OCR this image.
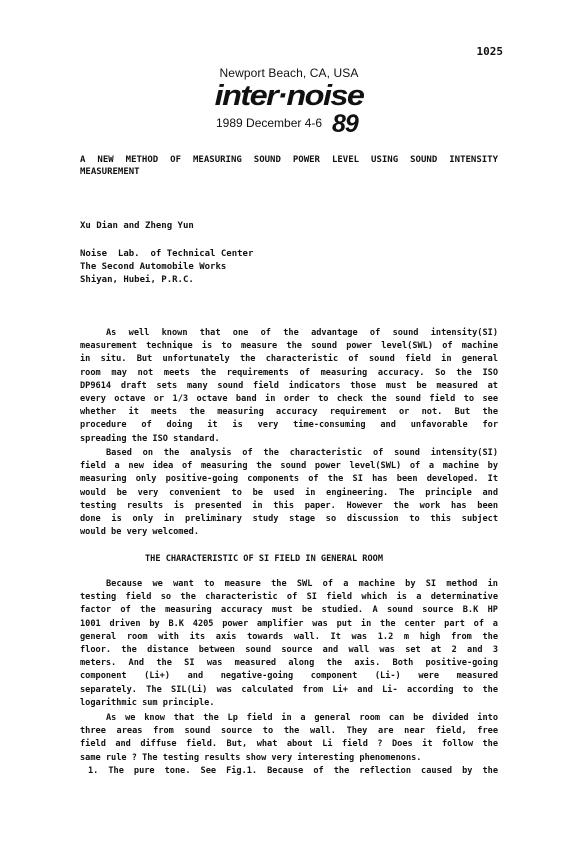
1025
Newport Beach, CA, USA
inter·noise
1989 December 4-6 89
A NEW METHOD OF MEASURING SOUND POWER LEVEL USING SOUND INTENSITY
MEASUREMENT
Xu Dian and Zheng Yun
Noise  Lab.  of Technical Center
The Second Automobile Works
Shiyan, Hubei, P.R.C.

As well known that one of the advantage of sound intensity(SI)
measurement technique is to measure the sound power level(SWL) of machine
in situ. But unfortunately the characteristic of sound field in general
room may not meets the requirements of measuring accuracy. So the ISO
DP9614 draft sets many sound field indicators those must be measured at
every octave or 1/3 octave band in order to check the sound field to see
whether it meets the measuring accuracy requirement or not. But the
procedure of doing it is very time-consuming and unfavorable for
spreading the ISO standard.

Based on the analysis of the characteristic of sound intensity(SI)
field a new idea of measuring the sound power level(SWL) of a machine by
measuring only positive-going components of the SI has been developed. It
would be very convenient to be used in engineering. The principle and
testing results is presented in this paper. However the work has been
done is only in preliminary study stage so discussion to this subject
would be very welcomed.

THE CHARACTERISTIC OF SI FIELD IN GENERAL ROOM

Because we want to measure the SWL of a machine by SI method in
testing field so the characteristic of SI field which is a determinative
factor of the measuring accuracy must be studied. A sound source B.K HP
1001 driven by B.K 4205 power amplifier was put in the center part of a
general room with its axis towards wall. It was 1.2 m high from the
floor. the distance between sound source and wall was set at 2 and 3
meters. And the SI was measured along the axis. Both positive-going
component (Li+) and negative-going component (Li-) were measured
separately. The SIL(Li) was calculated from Li+ and Li- according to the
logarithmic sum principle.

As we know that the Lp field in a general room can be divided into
three areas from sound source to the wall. They are near field, free
field and diffuse field. But, what about Li field ? Does it follow the
same rule ? The testing results show very interesting phenomenons.
1. The pure tone. See Fig.1. Because of the reflection caused by the
